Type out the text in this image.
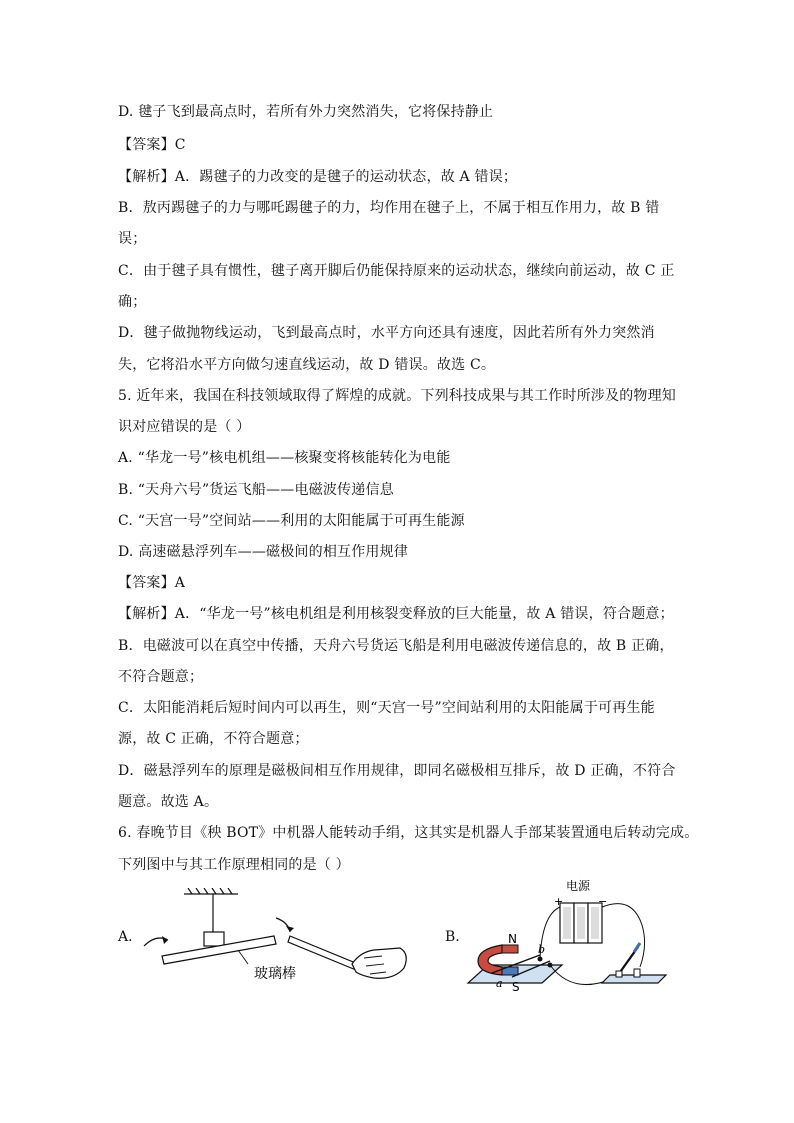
D. 毽子飞到最高点时，若所有外力突然消失，它将保持静止
【答案】C
【解析】A．踢毽子的力改变的是毽子的运动状态，故 A 错误；
B．敖丙踢毽子的力与哪吒踢毽子的力，均作用在毽子上，不属于相互作用力，故 B 错
误；
C．由于毽子具有惯性，毽子离开脚后仍能保持原来的运动状态，继续向前运动，故 C 正
确；
D．毽子做抛物线运动，飞到最高点时，水平方向还具有速度，因此若所有外力突然消
失，它将沿水平方向做匀速直线运动，故 D 错误。故选 C。
5. 近年来，我国在科技领域取得了辉煌的成就。下列科技成果与其工作时所涉及的物理知
识对应错误的是（ ）
A. “华龙一号”核电机组——核聚变将核能转化为电能
B. “天舟六号”货运飞船——电磁波传递信息
C. “天宫一号”空间站——利用的太阳能属于可再生能源
D. 高速磁悬浮列车——磁极间的相互作用规律
【答案】A
【解析】A．“华龙一号”核电机组是利用核裂变释放的巨大能量，故 A 错误，符合题意；
B．电磁波可以在真空中传播，天舟六号货运飞船是利用电磁波传递信息的，故 B 正确，
不符合题意；
C．太阳能消耗后短时间内可以再生，则“天宫一号”空间站利用的太阳能属于可再生能
源，故 C 正确，不符合题意；
D．磁悬浮列车的原理是磁极间相互作用规律，即同名磁极相互排斥，故 D 正确，不符合
题意。故选 A。
6. 春晚节目《秧 BOT》中机器人能转动手绢，这其实是机器人手部某装置通电后转动完成。
下列图中与其工作原理相同的是（ ）
A.
玻璃棒
B.
电源
+	−
N
S
a
b
